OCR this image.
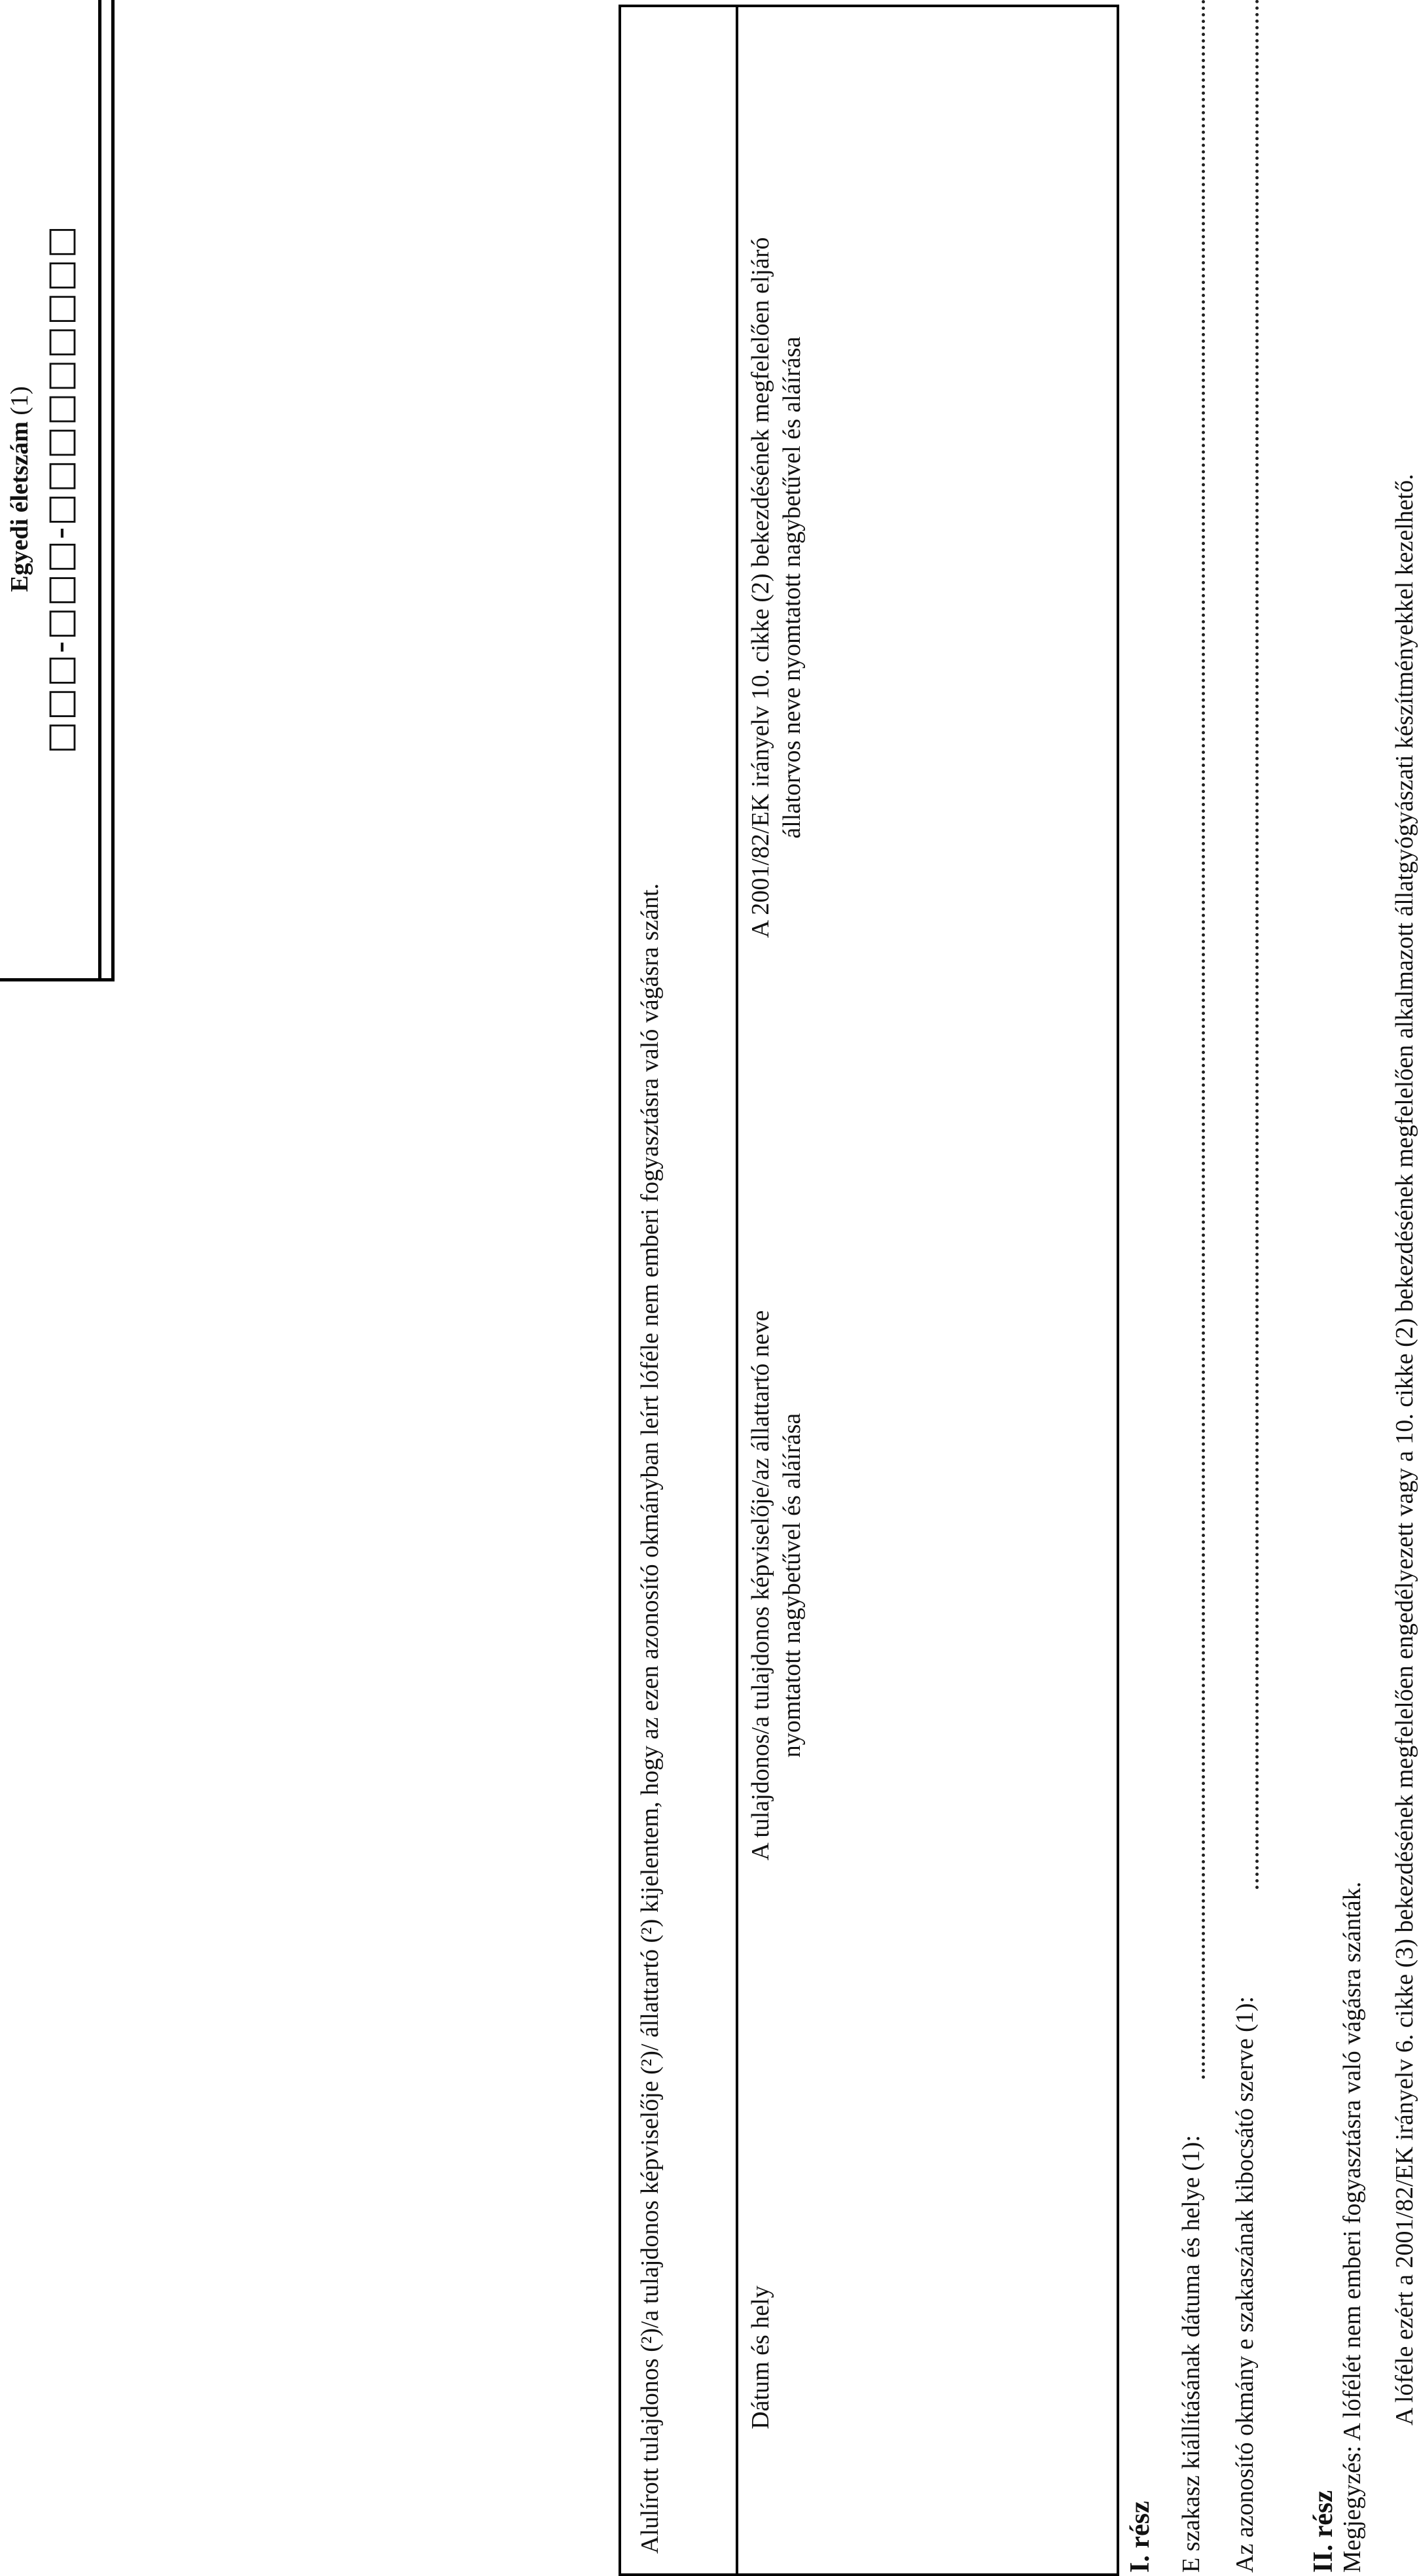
Egyedi életszám (1) □□□-□□□-□□□□□□□□□
I. rész E szakasz kiállításának dátuma és helye (1): Az azonosító okmány e szakaszának kibocsátó szerve (1):
II. rész Megjegyzés: A lófélét nem emberi fogyasztásra való vágásra szánták. A lóféle ezért a 2001/82/EK irányelv 6. cikke (3) bekezdésének megfelelően engedélyezett vagy a 10. cikke (2) bekezdésének megfelelően alkalmazott állatgyógyászati készítményekkel kezelhető.
Alulírott tulajdonos (²)/a tulajdonos képviselője (²)/ állattartó (²) kijelentem, hogy az ezen azonosító okmányban leírt lóféle nem emberi fogyasztásra való vágásra szánt.	Dátum és hely
A tulajdonos/a tulajdonos képviselője/az állattartó neve nyomtatott nagybetűvel és aláírása
A 2001/82/EK irányelv 10. cikke (2) bekezdésének megfelelően eljáró állatorvos neve nyomtatott nagybetűvel és aláírása
